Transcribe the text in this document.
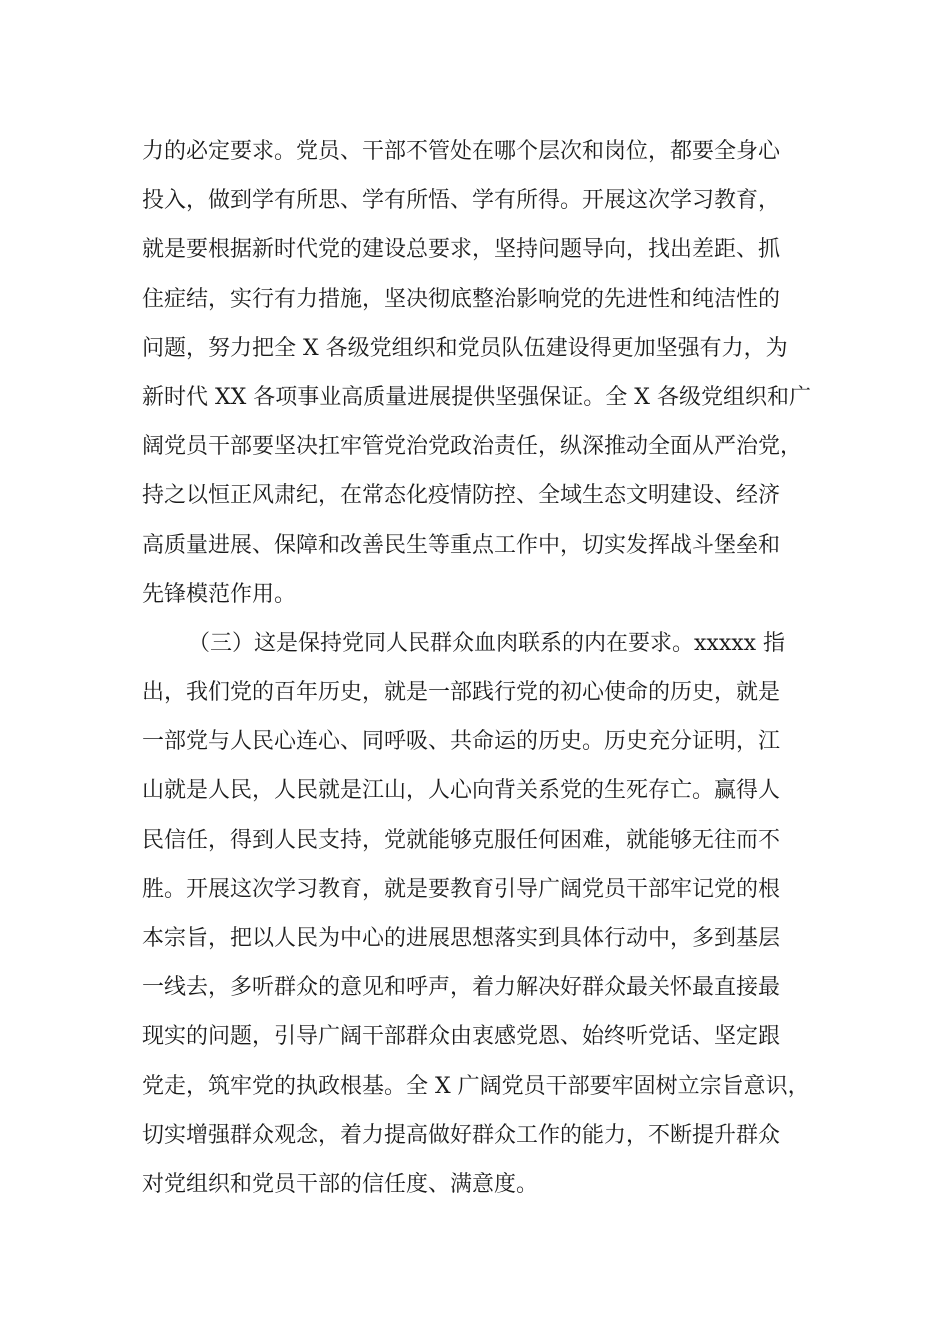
力的必定要求。党员、干部不管处在哪个层次和岗位，都要全身心
投入，做到学有所思、学有所悟、学有所得。开展这次学习教育，
就是要根据新时代党的建设总要求，坚持问题导向，找出差距、抓
住症结，实行有力措施，坚决彻底整治影响党的先进性和纯洁性的
问题，努力把全 X 各级党组织和党员队伍建设得更加坚强有力，为
新时代 XX 各项事业高质量进展提供坚强保证。全 X 各级党组织和广
阔党员干部要坚决扛牢管党治党政治责任，纵深推动全面从严治党，
持之以恒正风肃纪，在常态化疫情防控、全域生态文明建设、经济
高质量进展、保障和改善民生等重点工作中，切实发挥战斗堡垒和
先锋模范作用。
（三）这是保持党同人民群众血肉联系的内在要求。xxxxx 指
出，我们党的百年历史，就是一部践行党的初心使命的历史，就是
一部党与人民心连心、同呼吸、共命运的历史。历史充分证明，江
山就是人民，人民就是江山，人心向背关系党的生死存亡。赢得人
民信任，得到人民支持，党就能够克服任何困难，就能够无往而不
胜。开展这次学习教育，就是要教育引导广阔党员干部牢记党的根
本宗旨，把以人民为中心的进展思想落实到具体行动中，多到基层
一线去，多听群众的意见和呼声，着力解决好群众最关怀最直接最
现实的问题，引导广阔干部群众由衷感党恩、始终听党话、坚定跟
党走，筑牢党的执政根基。全 X 广阔党员干部要牢固树立宗旨意识，
切实增强群众观念，着力提高做好群众工作的能力，不断提升群众
对党组织和党员干部的信任度、满意度。
